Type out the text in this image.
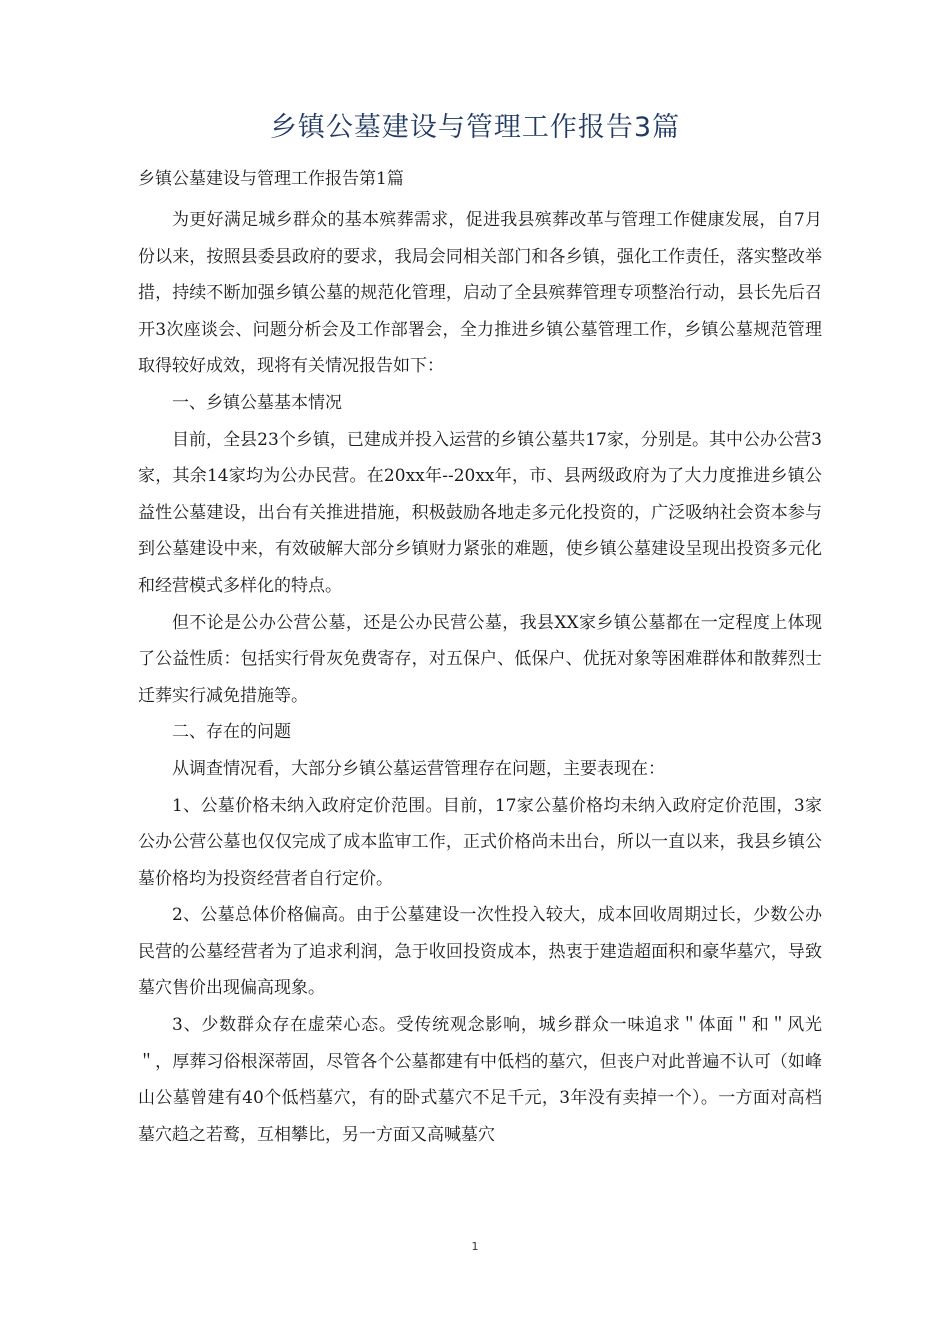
乡镇公墓建设与管理工作报告3篇
乡镇公墓建设与管理工作报告第1篇

为更好满足城乡群众的基本殡葬需求，促进我县殡葬改革与管理工作健康发展，自7月份以来，按照县委县政府的要求，我局会同相关部门和各乡镇，强化工作责任，落实整改举措，持续不断加强乡镇公墓的规范化管理，启动了全县殡葬管理专项整治行动，县长先后召开3次座谈会、问题分析会及工作部署会，全力推进乡镇公墓管理工作，乡镇公墓规范管理取得较好成效，现将有关情况报告如下：

一、乡镇公墓基本情况

目前，全县23个乡镇，已建成并投入运营的乡镇公墓共17家，分别是。其中公办公营3家，其余14家均为公办民营。在20xx年--20xx年，市、县两级政府为了大力度推进乡镇公益性公墓建设，出台有关推进措施，积极鼓励各地走多元化投资的，广泛吸纳社会资本参与到公墓建设中来，有效破解大部分乡镇财力紧张的难题，使乡镇公墓建设呈现出投资多元化和经营模式多样化的特点。

但不论是公办公营公墓，还是公办民营公墓，我县XX家乡镇公墓都在一定程度上体现了公益性质：包括实行骨灰免费寄存，对五保户、低保户、优抚对象等困难群体和散葬烈士迁葬实行减免措施等。

二、存在的问题

从调查情况看，大部分乡镇公墓运营管理存在问题，主要表现在：

1、公墓价格未纳入政府定价范围。目前，17家公墓价格均未纳入政府定价范围，3家公办公营公墓也仅仅完成了成本监审工作，正式价格尚未出台，所以一直以来，我县乡镇公墓价格均为投资经营者自行定价。

2、公墓总体价格偏高。由于公墓建设一次性投入较大，成本回收周期过长，少数公办民营的公墓经营者为了追求利润，急于收回投资成本，热衷于建造超面积和豪华墓穴，导致墓穴售价出现偏高现象。

3、少数群众存在虚荣心态。受传统观念影响，城乡群众一味追求＂体面＂和＂风光＂，厚葬习俗根深蒂固，尽管各个公墓都建有中低档的墓穴，但丧户对此普遍不认可（如峰山公墓曾建有40个低档墓穴，有的卧式墓穴不足千元，3年没有卖掉一个）。一方面对高档墓穴趋之若鹜，互相攀比，另一方面又高喊墓穴

1
